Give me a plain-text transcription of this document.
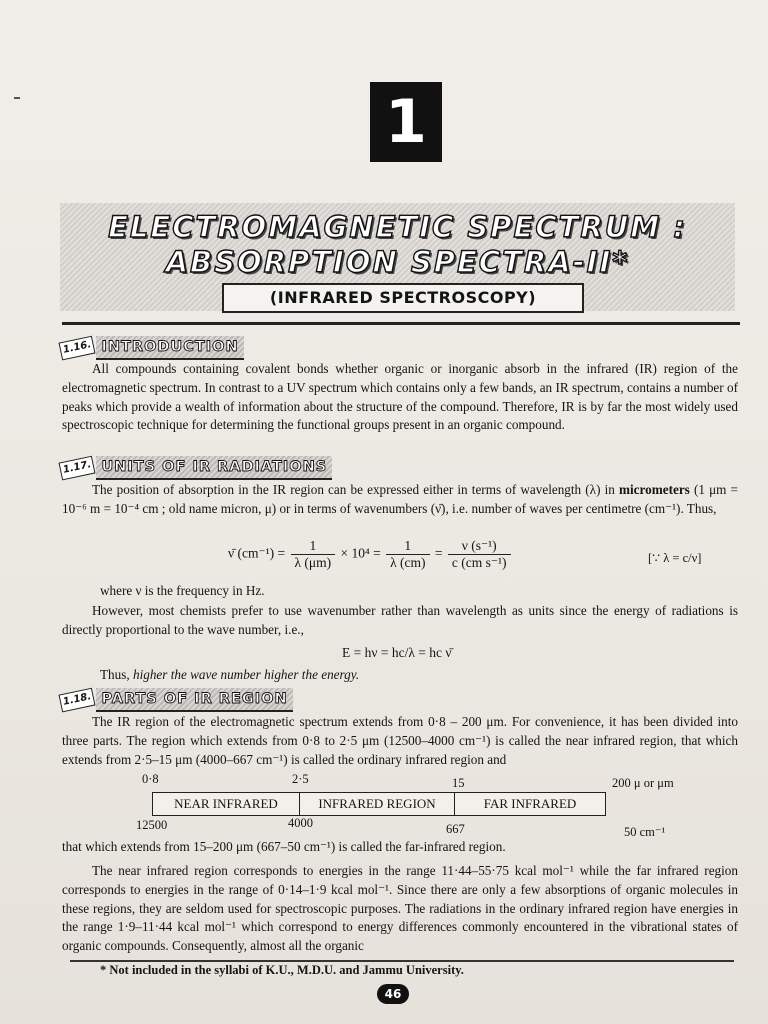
1
ELECTROMAGNETIC SPECTRUM :
ABSORPTION SPECTRA-II*
(INFRARED SPECTROSCOPY)
1.16. INTRODUCTION
All compounds containing covalent bonds whether organic or inorganic absorb in the infrared (IR) region of the electromagnetic spectrum. In contrast to a UV spectrum which contains only a few bands, an IR spectrum, contains a number of peaks which provide a wealth of information about the structure of the compound. Therefore, IR is by far the most widely used spectroscopic technique for determining the functional groups present in an organic compound.
1.17. UNITS OF IR RADIATIONS
The position of absorption in the IR region can be expressed either in terms of wavelength (λ) in micrometers (1 μm = 10⁻⁶ m = 10⁻⁴ cm ; old name micron, μ) or in terms of wavenumbers (ν̄), i.e. number of waves per centimetre (cm⁻¹). Thus,
ν̄ $(cm^{-1}) = \frac{1}{\lambda (\mu m)} \times 10^4 = \frac{1}{\lambda (cm)} = \frac{\text{ν (s⁻¹)}}{\text{c (cm s⁻¹)}}$	[∵ λ = c/ν]
where ν is the frequency in Hz.
However, most chemists prefer to use wavenumber rather than wavelength as units since the energy of radiations is directly proportional to the wave number, i.e.,
E = hν = hc/λ = hc ν̄
Thus, higher the wave number higher the energy.
1.18. PARTS OF IR REGION
The IR region of the electromagnetic spectrum extends from 0·8 – 200 μm. For convenience, it has been divided into three parts. The region which extends from 0·8 to 2·5 μm (12500–4000 cm⁻¹) is called the near infrared region, that which extends from 2·5–15 μm (4000–667 cm⁻¹) is called the ordinary infrared region and
0·8	2·5	15	200 μ or μm
NEAR INFRARED	INFRARED REGION	FAR INFRARED
12500	4000	667	50 cm⁻¹
that which extends from 15–200 μm (667–50 cm⁻¹) is called the far-infrared region.
The near infrared region corresponds to energies in the range 11·44–55·75 kcal mol⁻¹ while the far infrared region corresponds to energies in the range of 0·14–1·9 kcal mol⁻¹. Since there are only a few absorptions of organic molecules in these regions, they are seldom used for spectroscopic purposes. The radiations in the ordinary infrared region have energies in the range 1·9–11·44 kcal mol⁻¹ which correspond to energy differences commonly encountered in the vibrational states of organic compounds. Consequently, almost all the organic
* Not included in the syllabi of K.U., M.D.U. and Jammu University.
46
